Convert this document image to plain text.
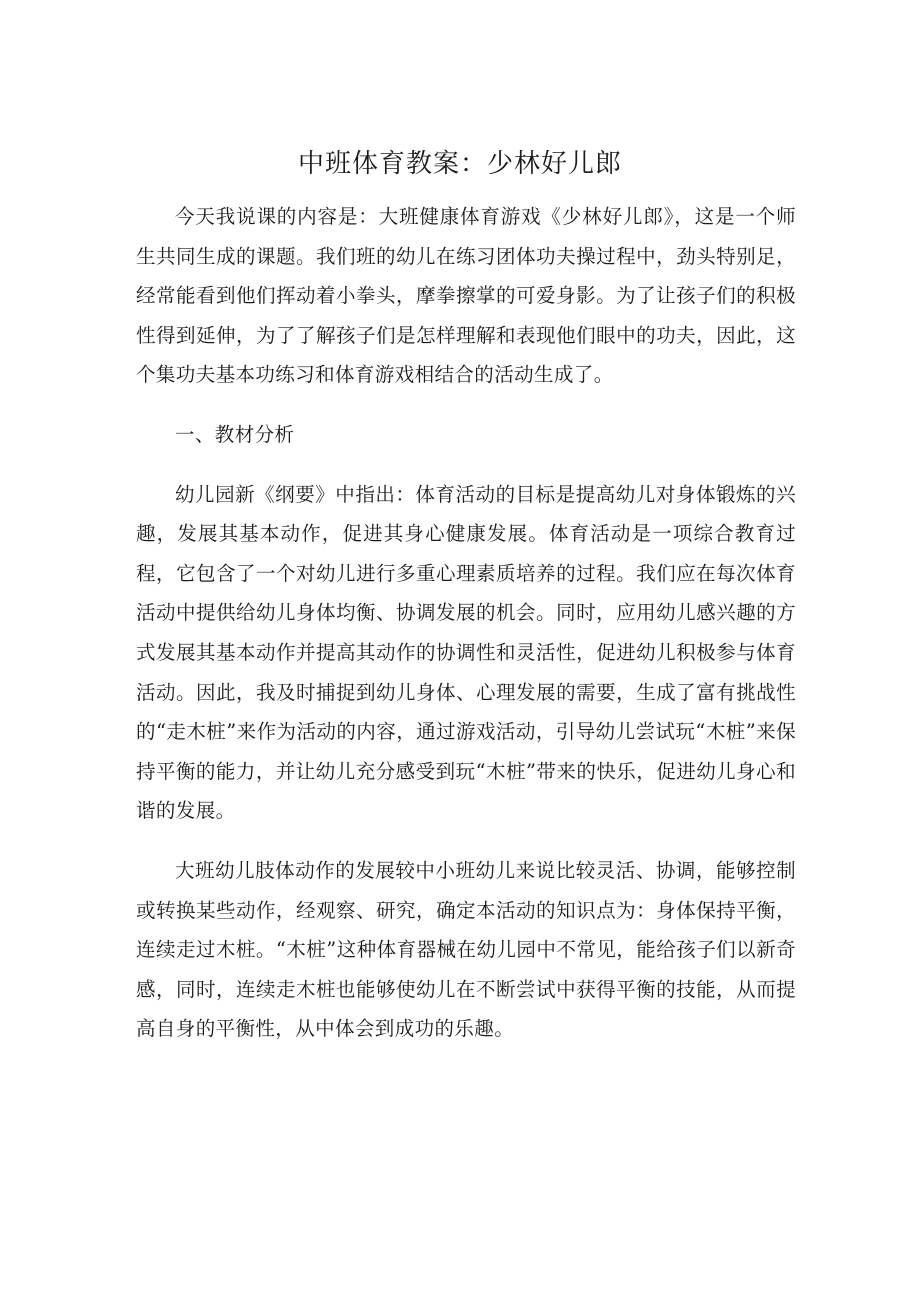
中班体育教案：少林好儿郎

今天我说课的内容是：大班健康体育游戏《少林好儿郎》，这是一个师生共同生成的课题。我们班的幼儿在练习团体功夫操过程中，劲头特别足，经常能看到他们挥动着小拳头，摩拳擦掌的可爱身影。为了让孩子们的积极性得到延伸，为了了解孩子们是怎样理解和表现他们眼中的功夫，因此，这个集功夫基本功练习和体育游戏相结合的活动生成了。

一、教材分析

幼儿园新《纲要》中指出：体育活动的目标是提高幼儿对身体锻炼的兴趣，发展其基本动作，促进其身心健康发展。体育活动是一项综合教育过程，它包含了一个对幼儿进行多重心理素质培养的过程。我们应在每次体育活动中提供给幼儿身体均衡、协调发展的机会。同时，应用幼儿感兴趣的方式发展其基本动作并提高其动作的协调性和灵活性，促进幼儿积极参与体育活动。因此，我及时捕捉到幼儿身体、心理发展的需要，生成了富有挑战性的“走木桩”来作为活动的内容，通过游戏活动，引导幼儿尝试玩“木桩”来保持平衡的能力，并让幼儿充分感受到玩“木桩”带来的快乐，促进幼儿身心和谐的发展。

大班幼儿肢体动作的发展较中小班幼儿来说比较灵活、协调，能够控制或转换某些动作，经观察、研究，确定本活动的知识点为：身体保持平衡，连续走过木桩。“木桩”这种体育器械在幼儿园中不常见，能给孩子们以新奇感，同时，连续走木桩也能够使幼儿在不断尝试中获得平衡的技能，从而提高自身的平衡性，从中体会到成功的乐趣。
